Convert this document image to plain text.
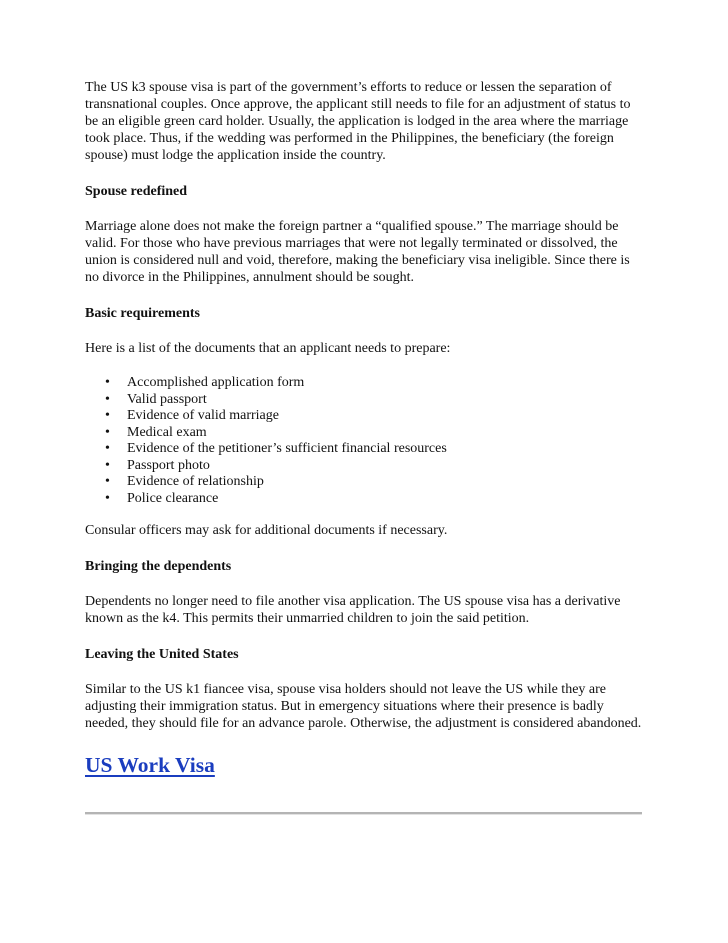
The US k3 spouse visa is part of the government’s efforts to reduce or lessen the separation of transnational couples. Once approve, the applicant still needs to file for an adjustment of status to be an eligible green card holder. Usually, the application is lodged in the area where the marriage took place. Thus, if the wedding was performed in the Philippines, the beneficiary (the foreign spouse) must lodge the application inside the country.

Spouse redefined

Marriage alone does not make the foreign partner a “qualified spouse.” The marriage should be valid. For those who have previous marriages that were not legally terminated or dissolved, the union is considered null and void, therefore, making the beneficiary visa ineligible. Since there is no divorce in the Philippines, annulment should be sought.

Basic requirements

Here is a list of the documents that an applicant needs to prepare:

• Accomplished application form
• Valid passport
• Evidence of valid marriage
• Medical exam
• Evidence of the petitioner’s sufficient financial resources
• Passport photo
• Evidence of relationship
• Police clearance

Consular officers may ask for additional documents if necessary.

Bringing the dependents

Dependents no longer need to file another visa application. The US spouse visa has a derivative known as the k4. This permits their unmarried children to join the said petition.

Leaving the United States

Similar to the US k1 fiancee visa, spouse visa holders should not leave the US while they are adjusting their immigration status. But in emergency situations where their presence is badly needed, they should file for an advance parole. Otherwise, the adjustment is considered abandoned.

US Work Visa
